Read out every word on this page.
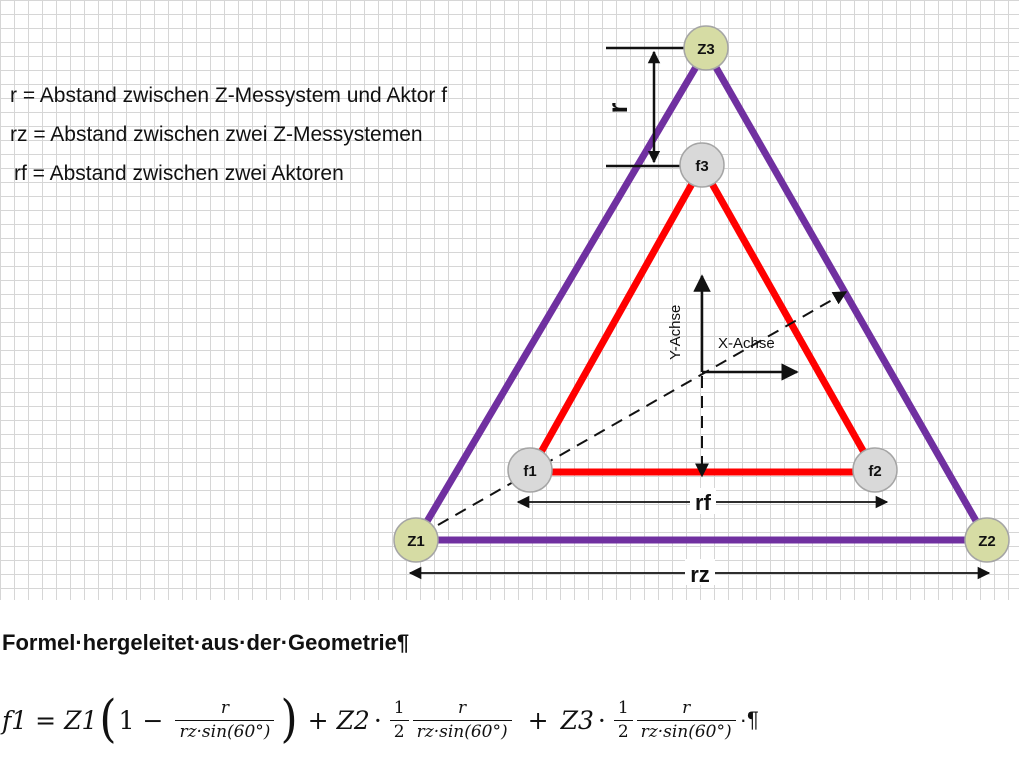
X-Achse
Y-Achse
r
rf
rz
Z3
Z1	Z2
f3
f1	f2
r = Abstand zwischen Z-Messystem und Aktor f
rz = Abstand zwischen zwei Z-Messystemen
rf = Abstand zwischen zwei Aktoren
Formel·hergeleitet·aus·der·Geometrie¶
f1 = Z1 ( $1 - \frac{r}{rz\cdot\sin(60^\circ)}$ ) + $Z2 \cdot \frac{1}{2} \frac{r}{rz\cdot\sin(60^\circ)} + Z3 \cdot \frac{1}{2} \frac{r}{rz\cdot\sin(60^\circ)}$ ·¶
